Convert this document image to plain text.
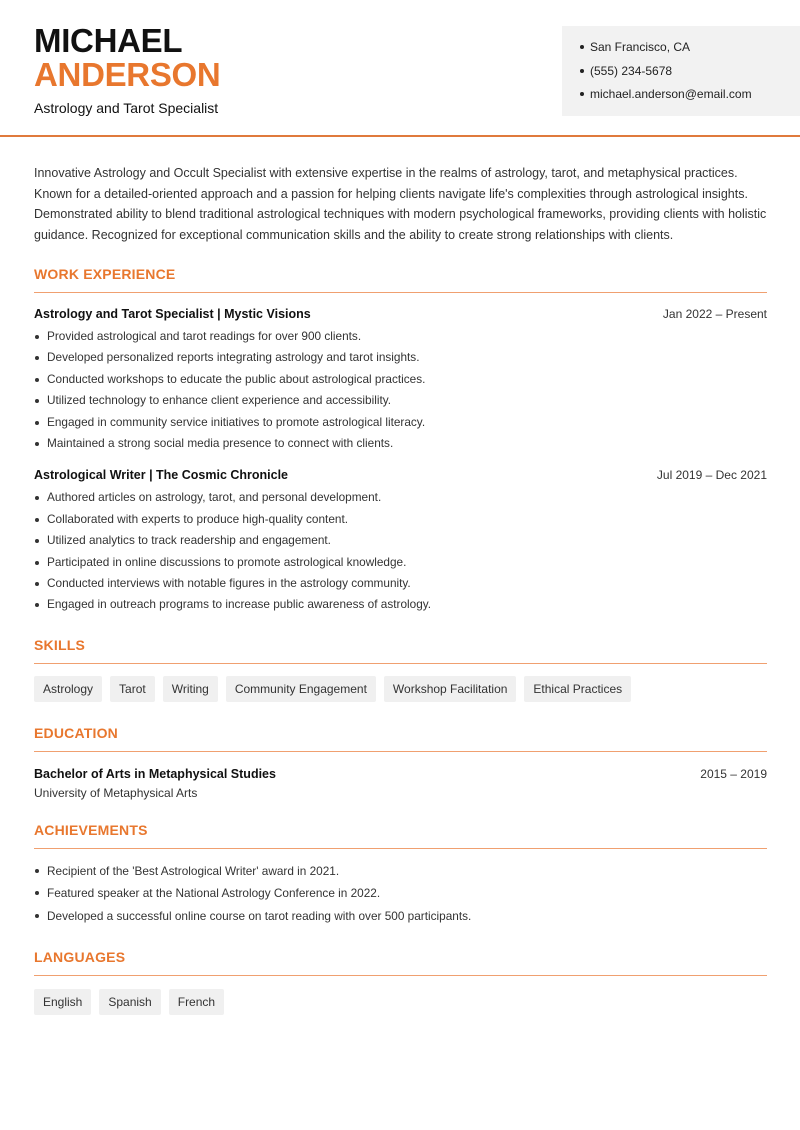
MICHAEL
ANDERSON
Astrology and Tarot Specialist
San Francisco, CA
(555) 234-5678
michael.anderson@email.com

Innovative Astrology and Occult Specialist with extensive expertise in the realms of astrology, tarot, and metaphysical practices. Known for a detailed-oriented approach and a passion for helping clients navigate life's complexities through astrological insights. Demonstrated ability to blend traditional astrological techniques with modern psychological frameworks, providing clients with holistic guidance. Recognized for exceptional communication skills and the ability to create strong relationships with clients.

WORK EXPERIENCE
Astrology and Tarot Specialist | Mystic Visions	Jan 2022 – Present
Provided astrological and tarot readings for over 900 clients.
Developed personalized reports integrating astrology and tarot insights.
Conducted workshops to educate the public about astrological practices.
Utilized technology to enhance client experience and accessibility.
Engaged in community service initiatives to promote astrological literacy.
Maintained a strong social media presence to connect with clients.
Astrological Writer | The Cosmic Chronicle	Jul 2019 – Dec 2021
Authored articles on astrology, tarot, and personal development.
Collaborated with experts to produce high-quality content.
Utilized analytics to track readership and engagement.
Participated in online discussions to promote astrological knowledge.
Conducted interviews with notable figures in the astrology community.
Engaged in outreach programs to increase public awareness of astrology.
SKILLS
Astrology	Tarot	Writing	Community Engagement	Workshop Facilitation	Ethical Practices
EDUCATION
Bachelor of Arts in Metaphysical Studies	2015 – 2019
University of Metaphysical Arts
ACHIEVEMENTS
Recipient of the 'Best Astrological Writer' award in 2021.
Featured speaker at the National Astrology Conference in 2022.
Developed a successful online course on tarot reading with over 500 participants.
LANGUAGES
English	Spanish	French
